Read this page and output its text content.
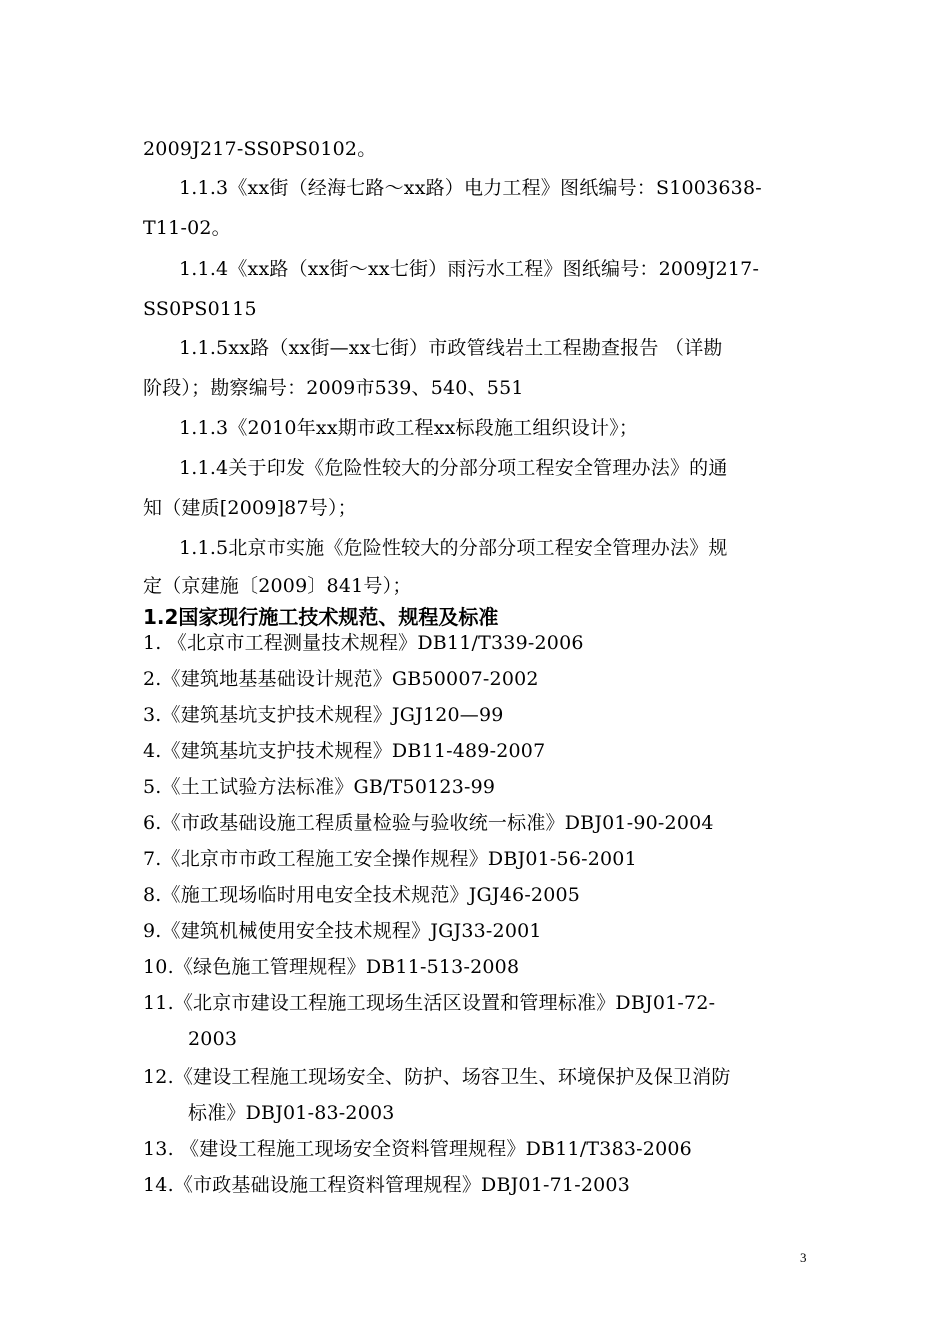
2009J217-SS0PS0102。
1.1.3《xx街（经海七路～xx路）电力工程》图纸编号：S1003638-
T11-02。
1.1.4《xx路（xx街～xx七街）雨污水工程》图纸编号：2009J217-
SS0PS0115
1.1.5xx路（xx街—xx七街）市政管线岩土工程勘查报告 （详勘
阶段）；勘察编号：2009市539、540、551
1.1.3《2010年xx期市政工程xx标段施工组织设计》；
1.1.4关于印发《危险性较大的分部分项工程安全管理办法》的通
知（建质[2009]87号）；
1.1.5北京市实施《危险性较大的分部分项工程安全管理办法》规
定（京建施〔2009〕841号）；
1.2国家现行施工技术规范、规程及标准
1. 《北京市工程测量技术规程》DB11/T339-2006
2.《建筑地基基础设计规范》GB50007-2002
3.《建筑基坑支护技术规程》JGJ120—99
4.《建筑基坑支护技术规程》DB11-489-2007
5.《土工试验方法标准》GB/T50123-99
6.《市政基础设施工程质量检验与验收统一标准》DBJ01-90-2004
7.《北京市市政工程施工安全操作规程》DBJ01-56-2001
8.《施工现场临时用电安全技术规范》JGJ46-2005
9.《建筑机械使用安全技术规程》JGJ33-2001
10.《绿色施工管理规程》DB11-513-2008
11.《北京市建设工程施工现场生活区设置和管理标准》DBJ01-72-
2003
12.《建设工程施工现场安全、防护、场容卫生、环境保护及保卫消防
标准》DBJ01-83-2003
13. 《建设工程施工现场安全资料管理规程》DB11/T383-2006
14.《市政基础设施工程资料管理规程》DBJ01-71-2003
3
